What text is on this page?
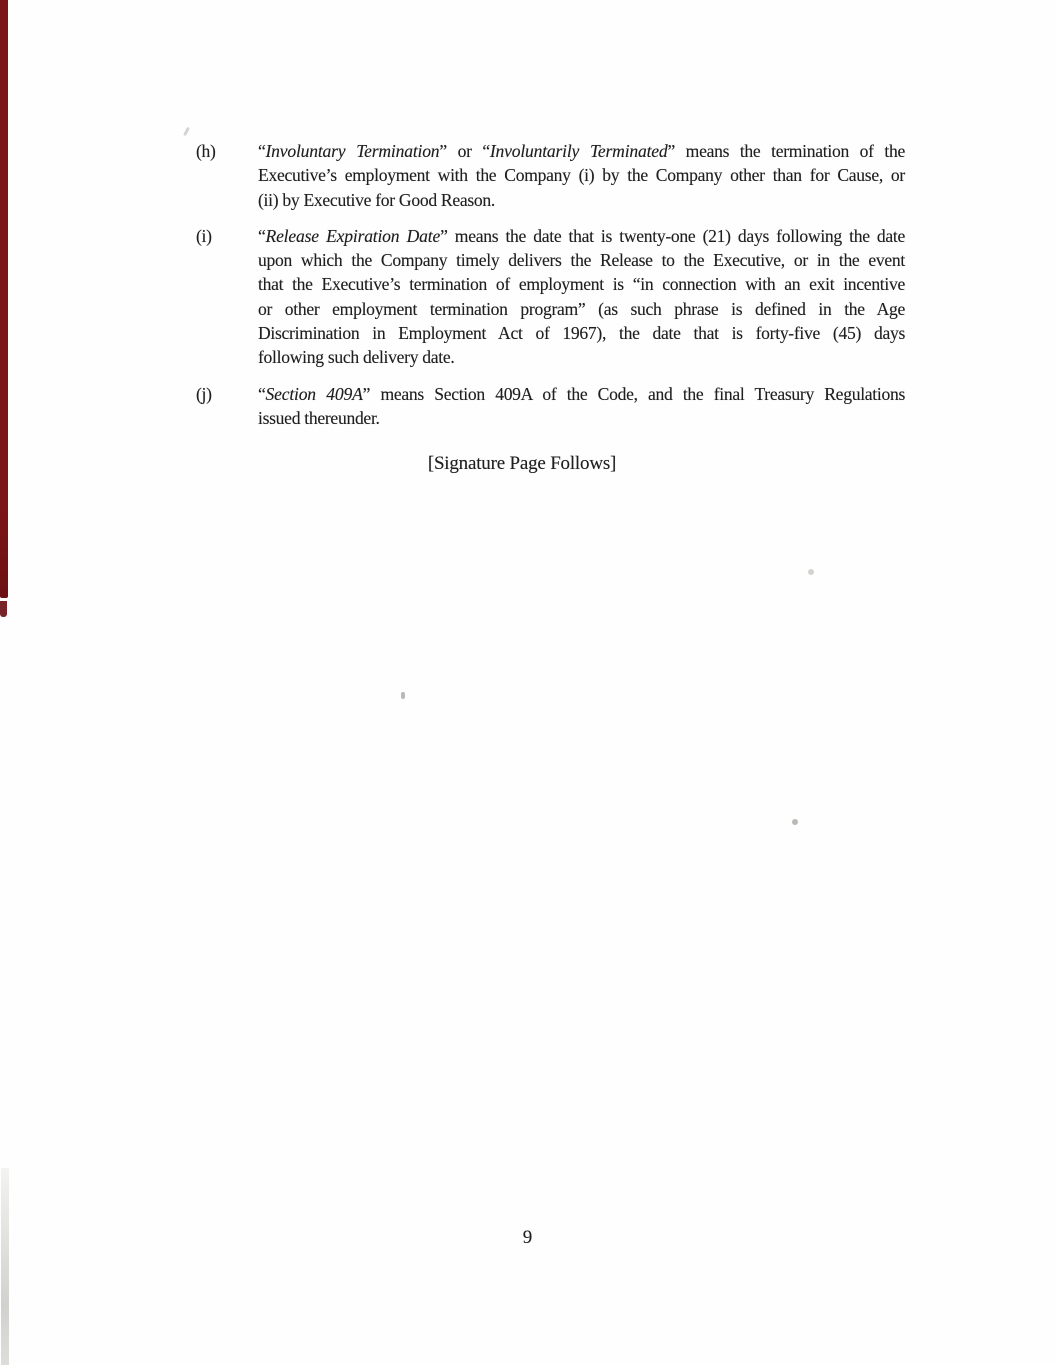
(h) “Involuntary Termination” or “Involuntarily Terminated” means the termination of the
Executive’s employment with the Company (i) by the Company other than for Cause, or
(ii) by Executive for Good Reason.
(i)	“Release Expiration Date” means the date that is twenty-one (21) days following the date
upon which the Company timely delivers the Release to the Executive, or in the event
that the Executive’s termination of employment is “in connection with an exit incentive
or other employment termination program” (as such phrase is defined in the Age
Discrimination in Employment Act of 1967), the date that is forty-five (45) days
following such delivery date.
(j)	“Section 409A” means Section 409A of the Code, and the final Treasury Regulations
issued thereunder.
[Signature Page Follows]
9
